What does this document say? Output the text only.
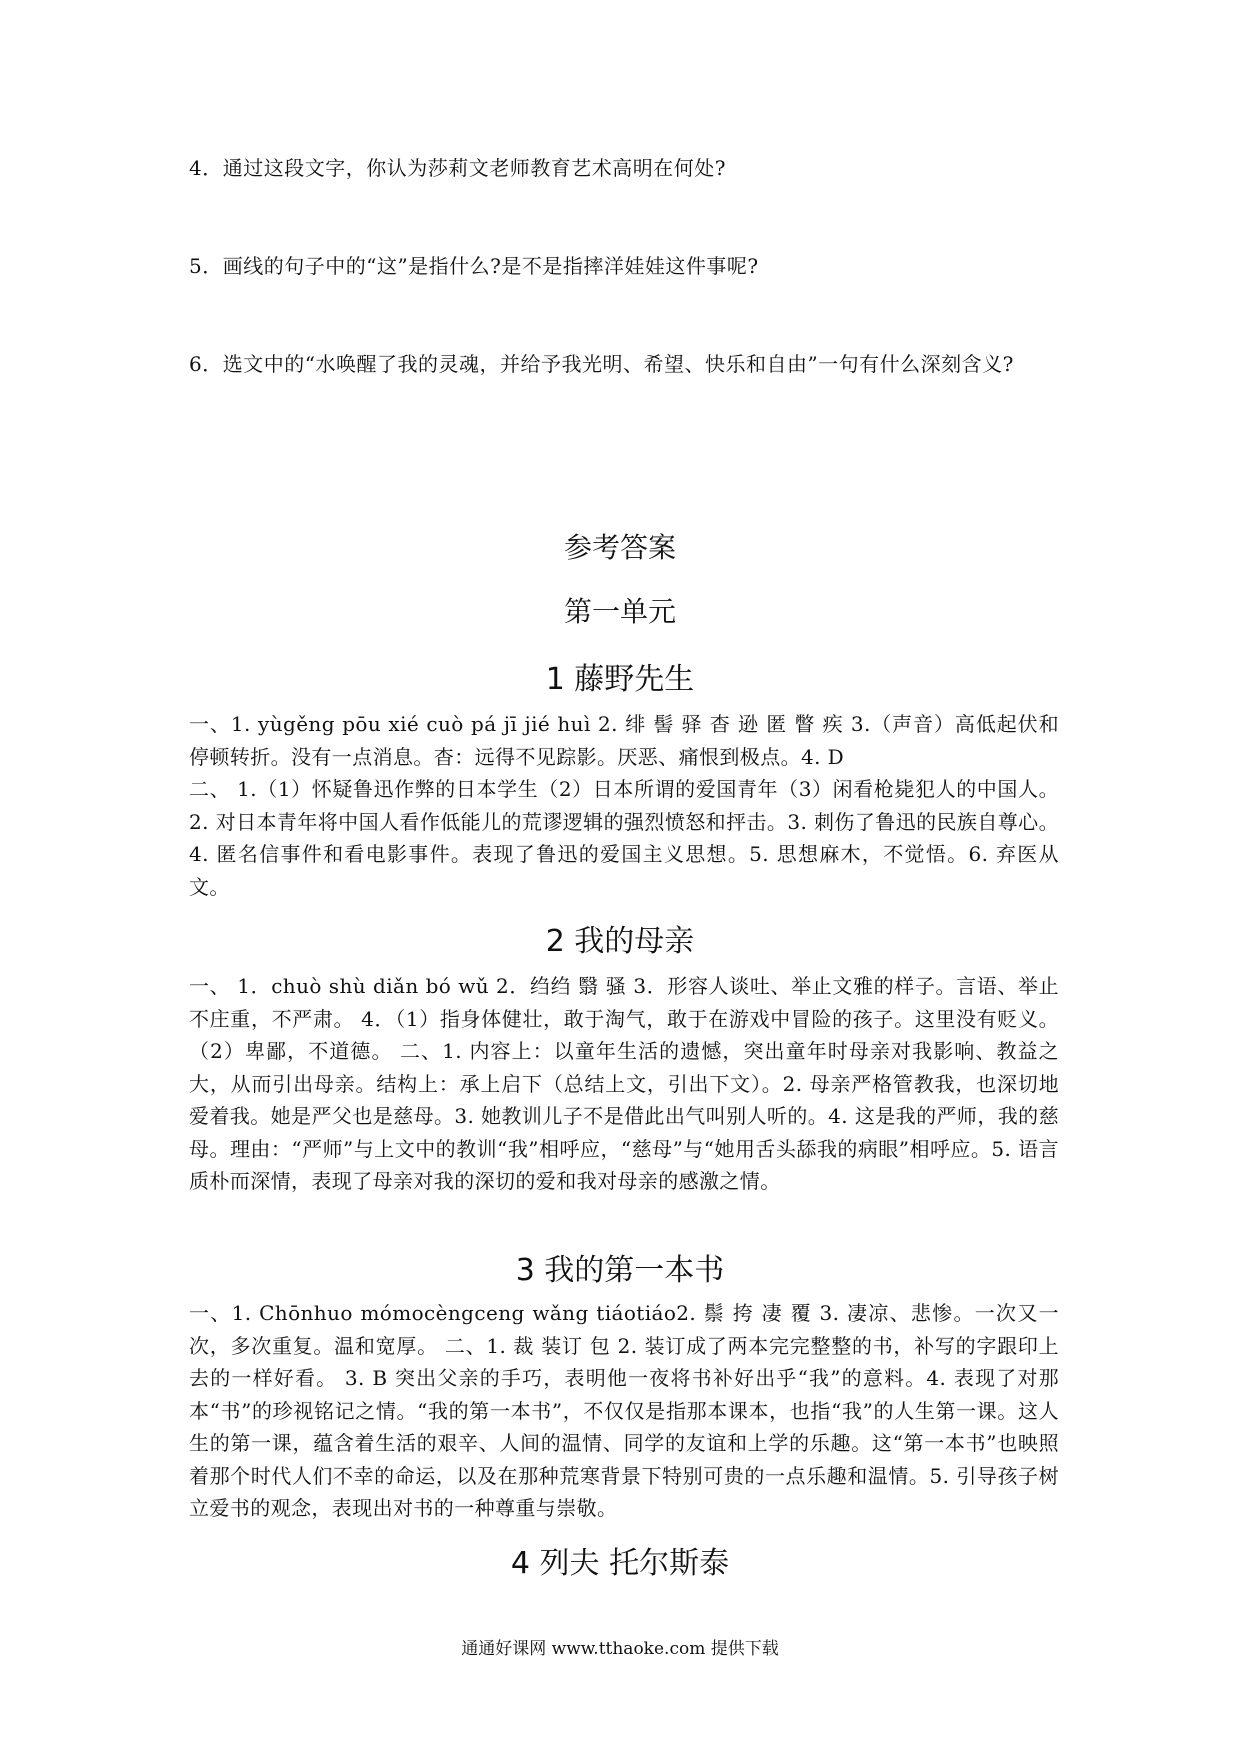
4．通过这段文字，你认为莎莉文老师教育艺术高明在何处?
5．画线的句子中的“这”是指什么?是不是指摔洋娃娃这件事呢?
6．选文中的“水唤醒了我的灵魂，并给予我光明、希望、快乐和自由”一句有什么深刻含义?
参考答案
第一单元
1 藤野先生

一、1. yùgěng pōu xié cuò pá jī jié huì 2. 绯 髻 驿 杳 逊 匿 瞥 疾 3.（声音）高低起伏和停顿转折。没有一点消息。杳：远得不见踪影。厌恶、痛恨到极点。4. D

二、 1.（1）怀疑鲁迅作弊的日本学生（2）日本所谓的爱国青年（3）闲看枪毙犯人的中国人。2. 对日本青年将中国人看作低能儿的荒谬逻辑的强烈愤怒和抨击。3. 刺伤了鲁迅的民族自尊心。4. 匿名信事件和看电影事件。表现了鲁迅的爱国主义思想。5. 思想麻木，不觉悟。6. 弃医从文。

2 我的母亲

一、 1．chuò shù diǎn bó wǔ 2．绉绉 翳 骚 3．形容人谈吐、举止文雅的样子。言语、举止不庄重，不严肃。 4．（1）指身体健壮，敢于淘气，敢于在游戏中冒险的孩子。这里没有贬义。（2）卑鄙，不道德。 二、1. 内容上：以童年生活的遗憾，突出童年时母亲对我影响、教益之大，从而引出母亲。结构上：承上启下（总结上文，引出下文）。2. 母亲严格管教我，也深切地爱着我。她是严父也是慈母。3. 她教训儿子不是借此出气叫别人听的。4. 这是我的严师，我的慈母。理由：“严师”与上文中的教训“我”相呼应，“慈母”与“她用舌头舔我的病眼”相呼应。5. 语言质朴而深情，表现了母亲对我的深切的爱和我对母亲的感激之情。

3 我的第一本书

一、1. Chōnhuo mómocèngceng wǎng tiáotiáo2. 鬃 挎 凄 覆 3. 凄凉、悲惨。一次又一次，多次重复。温和宽厚。 二、1. 裁 装订 包 2. 装订成了两本完完整整的书，补写的字跟印上去的一样好看。 3. B 突出父亲的手巧，表明他一夜将书补好出乎“我”的意料。4. 表现了对那本“书”的珍视铭记之情。“我的第一本书”，不仅仅是指那本课本，也指“我”的人生第一课。这人生的第一课，蕴含着生活的艰辛、人间的温情、同学的友谊和上学的乐趣。这“第一本书”也映照着那个时代人们不幸的命运，以及在那种荒寒背景下特别可贵的一点乐趣和温情。5. 引导孩子树立爱书的观念，表现出对书的一种尊重与崇敬。

4 列夫 托尔斯泰
通通好课网 www.tthaoke.com 提供下载
